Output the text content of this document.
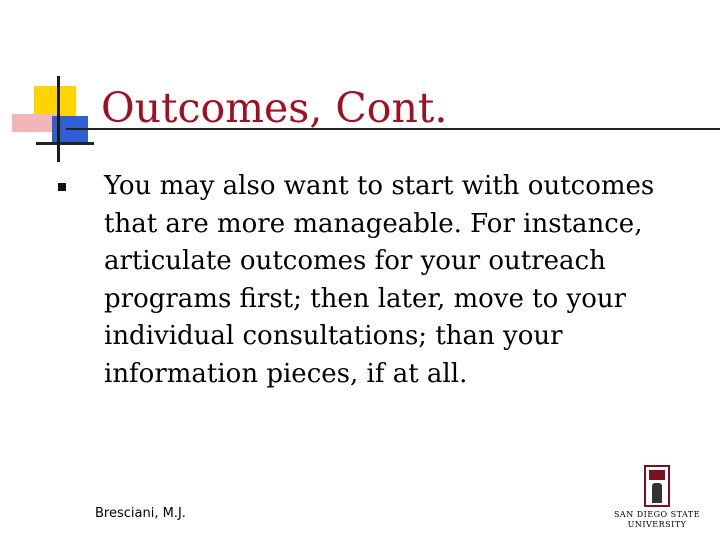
Outcomes, Cont.
You may also want to start with outcomes that are more manageable. For instance, articulate outcomes for your outreach programs first; then later, move to your individual consultations; than your information pieces, if at all.
Bresciani, M.J.	SAN DIEGO STATE
UNIVERSITY
